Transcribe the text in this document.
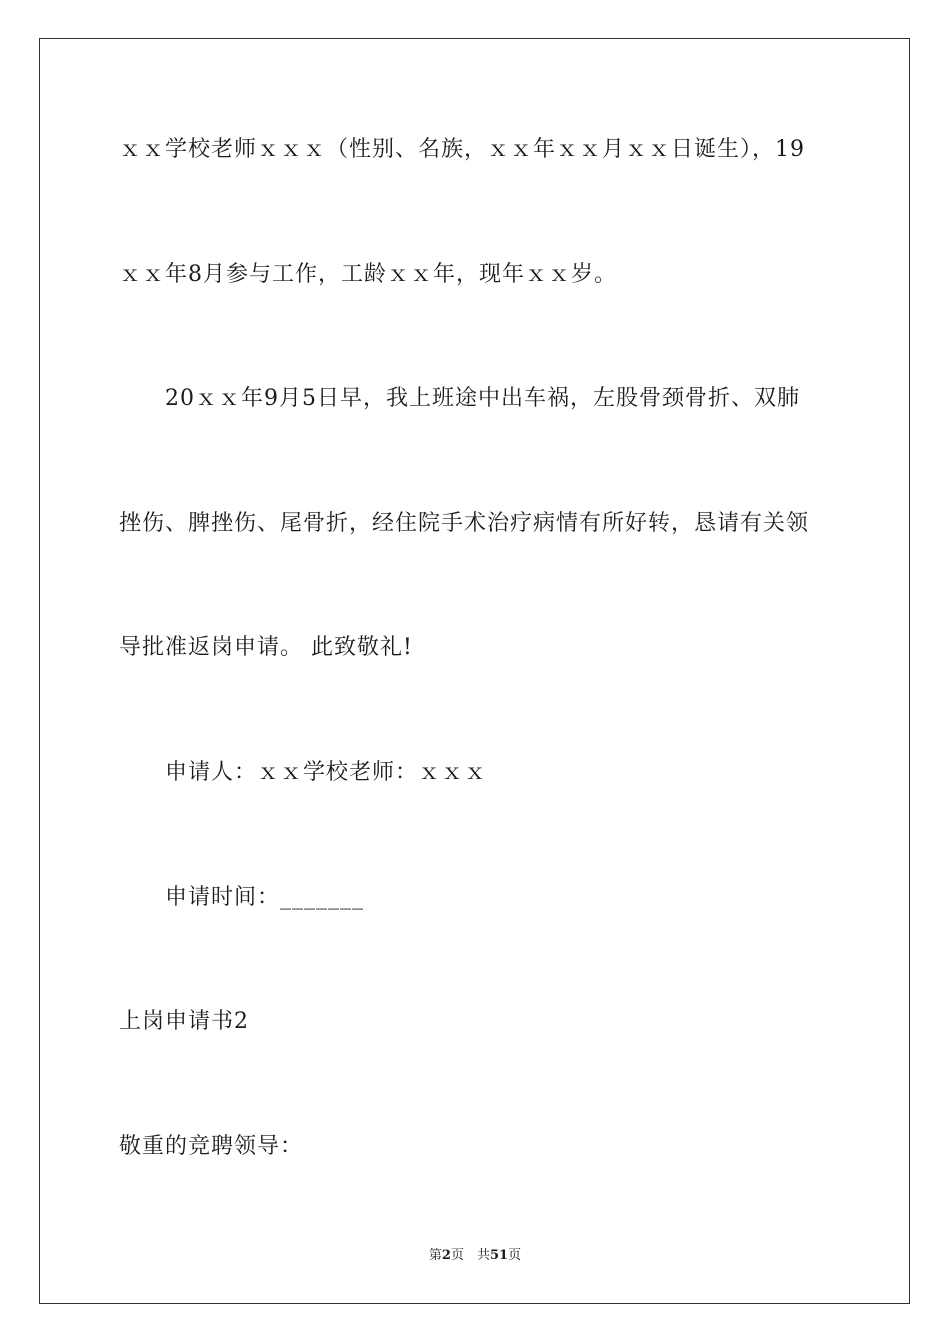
ｘｘ学校老师ｘｘｘ（性别、名族，ｘｘ年ｘｘ月ｘｘ日诞生），19
ｘｘ年8月参与工作，工龄ｘｘ年，现年ｘｘ岁。
20ｘｘ年9月5日早，我上班途中出车祸，左股骨颈骨折、双肺
挫伤、脾挫伤、尾骨折，经住院手术治疗病情有所好转，恳请有关领
导批准返岗申请。 此致敬礼!
申请人：ｘｘ学校老师：ｘｘｘ
申请时间：_______
上岗申请书2
敬重的竞聘领导：
第2页　共51页
